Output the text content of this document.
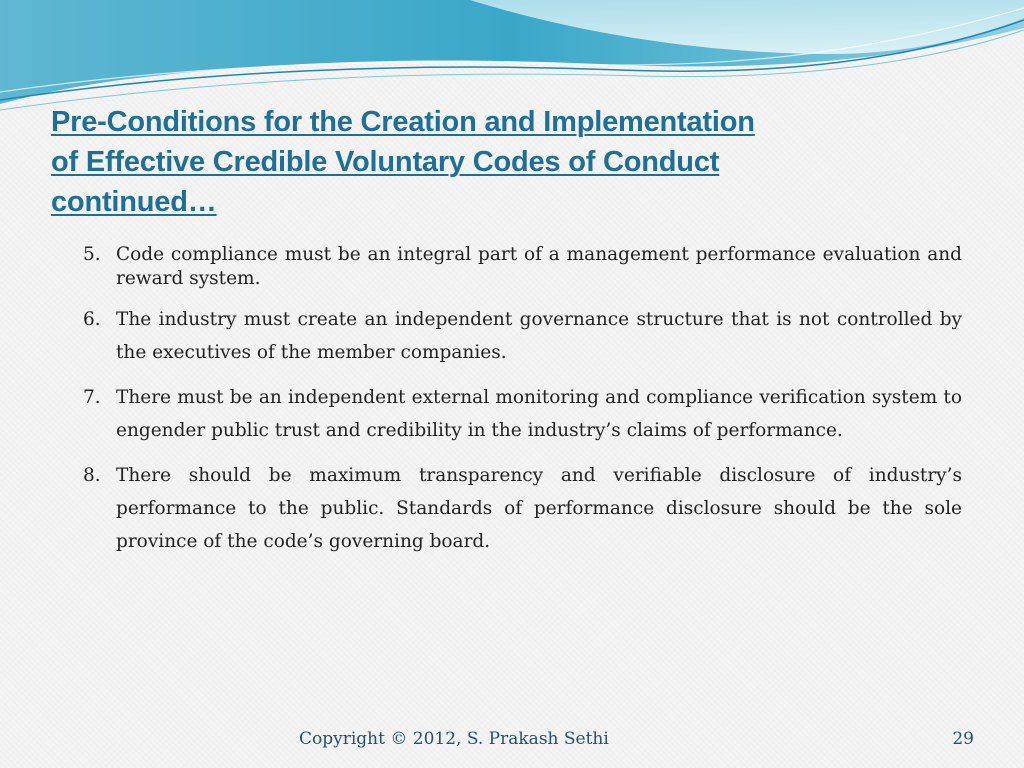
Pre-Conditions for the Creation and Implementation
of Effective Credible Voluntary Codes of Conduct
continued…
5. Code compliance must be an integral part of a management performance evaluation and reward system.
6. The industry must create an independent governance structure that is not controlled by the executives of the member companies.
7. There must be an independent external monitoring and compliance verification system to engender public trust and credibility in the industry’s claims of performance.
8. There should be maximum transparency and verifiable disclosure of industry’s performance to the public. Standards of performance disclosure should be the sole province of the code’s governing board.
Copyright © 2012, S. Prakash Sethi	29
